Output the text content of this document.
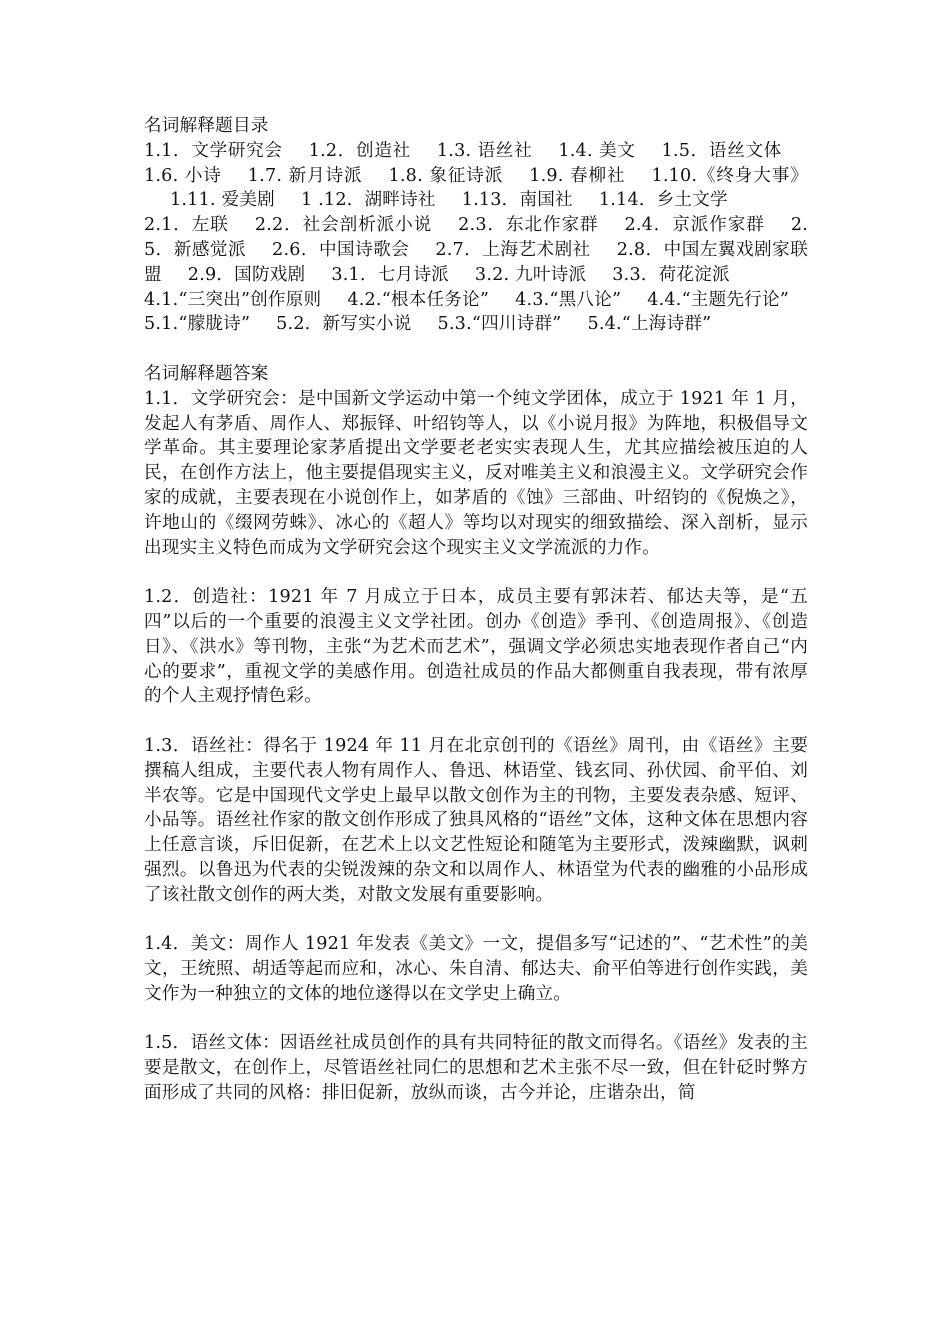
名词解释题目录

1.1．文学研究会 1.2．创造社 1.3. 语丝社 1.4. 美文 1.5．语丝文体1.6. 小诗 1.7. 新月诗派 1.8. 象征诗派 1.9. 春柳社 1.10.《终身大事》1.11. 爱美剧 1 .12．湖畔诗社 1.13．南国社 1.14．乡土文学

2.1．左联 2.2．社会剖析派小说 2.3．东北作家群 2.4．京派作家群 2.5．新感觉派 2.6．中国诗歌会 2.7．上海艺术剧社 2.8．中国左翼戏剧家联盟 2.9．国防戏剧 3.1．七月诗派 3.2. 九叶诗派 3.3．荷花淀派

4.1.“三突出”创作原则 4.2.“根本任务论” 4.3.“黑八论” 4.4.“主题先行论”

5.1.“朦胧诗” 5.2．新写实小说 5.3.“四川诗群” 5.4.“上海诗群”

名词解释题答案

1.1．文学研究会：是中国新文学运动中第一个纯文学团体，成立于 1921 年 1 月，发起人有茅盾、周作人、郑振铎、叶绍钧等人，以《小说月报》为阵地，积极倡导文学革命。其主要理论家茅盾提出文学要老老实实表现人生，尤其应描绘被压迫的人民，在创作方法上，他主要提倡现实主义，反对唯美主义和浪漫主义。文学研究会作家的成就，主要表现在小说创作上，如茅盾的《蚀》三部曲、叶绍钧的《倪焕之》，许地山的《缀网劳蛛》、冰心的《超人》等均以对现实的细致描绘、深入剖析，显示出现实主义特色而成为文学研究会这个现实主义文学流派的力作。

1.2．创造社：1921 年 7 月成立于日本，成员主要有郭沫若、郁达夫等，是“五四”以后的一个重要的浪漫主义文学社团。创办《创造》季刊、《创造周报》、《创造日》、《洪水》等刊物，主张“为艺术而艺术”，强调文学必须忠实地表现作者自己“内心的要求”，重视文学的美感作用。创造社成员的作品大都侧重自我表现，带有浓厚的个人主观抒情色彩。

1.3．语丝社：得名于 1924 年 11 月在北京创刊的《语丝》周刊，由《语丝》主要撰稿人组成，主要代表人物有周作人、鲁迅、林语堂、钱玄同、孙伏园、俞平伯、刘半农等。它是中国现代文学史上最早以散文创作为主的刊物，主要发表杂感、短评、小品等。语丝社作家的散文创作形成了独具风格的“语丝”文体，这种文体在思想内容上任意言谈，斥旧促新，在艺术上以文艺性短论和随笔为主要形式，泼辣幽默，讽刺强烈。以鲁迅为代表的尖锐泼辣的杂文和以周作人、林语堂为代表的幽雅的小品形成了该社散文创作的两大类，对散文发展有重要影响。

1.4．美文：周作人 1921 年发表《美文》一文，提倡多写“记述的”、“艺术性”的美文，王统照、胡适等起而应和，冰心、朱自清、郁达夫、俞平伯等进行创作实践，美文作为一种独立的文体的地位遂得以在文学史上确立。

1.5．语丝文体：因语丝社成员创作的具有共同特征的散文而得名。《语丝》发表的主要是散文，在创作上，尽管语丝社同仁的思想和艺术主张不尽一致，但在针砭时弊方面形成了共同的风格：排旧促新，放纵而谈，古今并论，庄谐杂出，简
